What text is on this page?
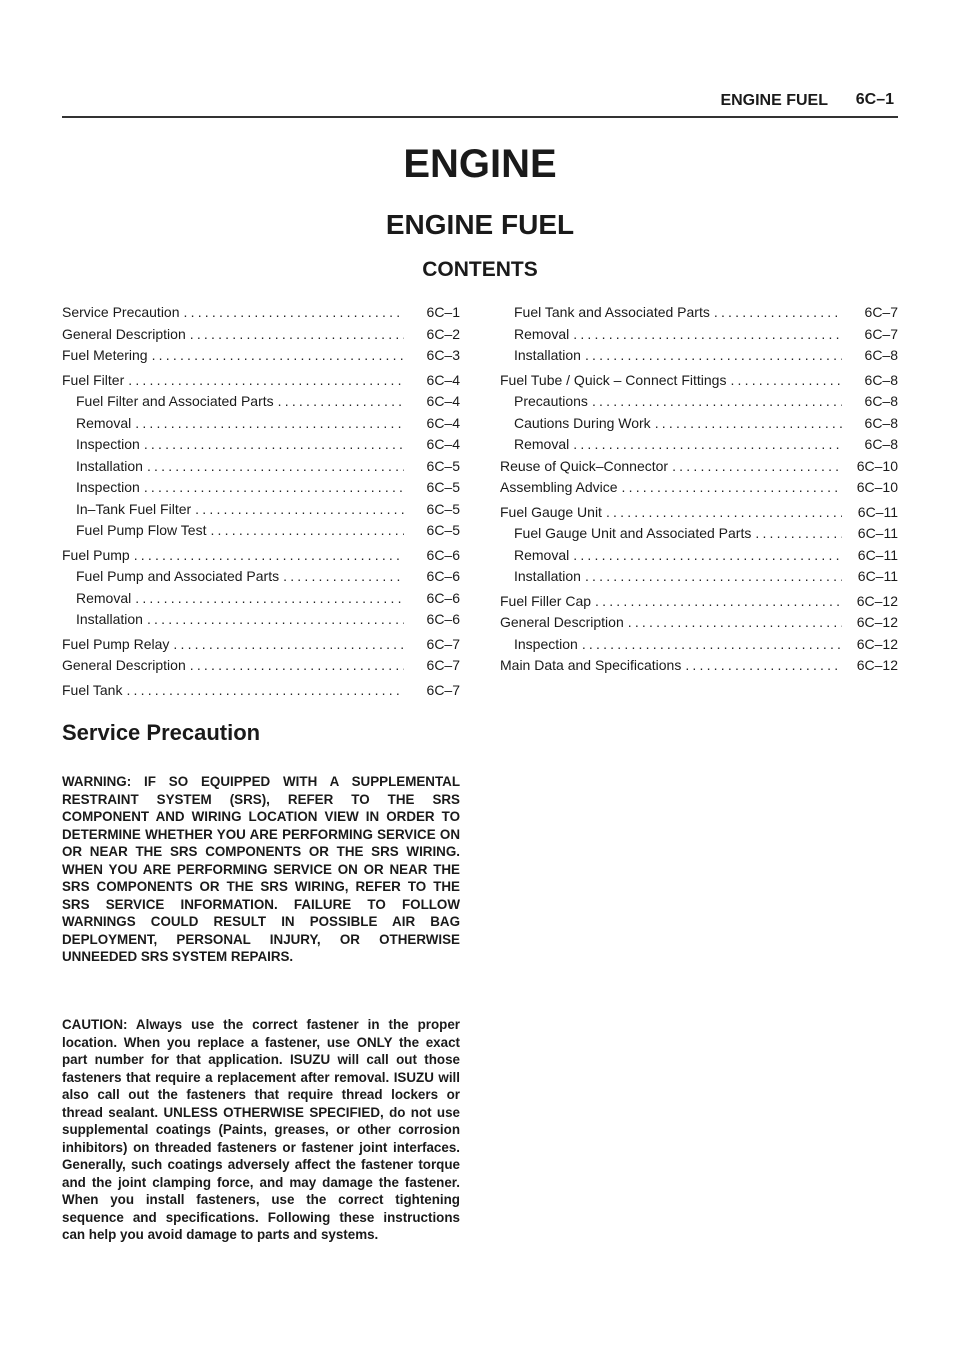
ENGINE FUEL 6C–1
ENGINE
ENGINE FUEL
CONTENTS
Service Precaution .....	6C–1
General Description .....	6C–2
Fuel Metering .....	6C–3
Fuel Filter .....	6C–4
Fuel Filter and Associated Parts .....	6C–4
Removal .....	6C–4
Inspection .....	6C–4
Installation .....	6C–5
Inspection .....	6C–5
In–Tank Fuel Filter .....	6C–5
Fuel Pump Flow Test .....	6C–5
Fuel Pump .....	6C–6
Fuel Pump and Associated Parts .....	6C–6
Removal .....	6C–6
Installation .....	6C–6
Fuel Pump Relay .....	6C–7
General Description .....	6C–7
Fuel Tank .....	6C–7
Fuel Tank and Associated Parts .....	6C–7
Removal .....	6C–7
Installation .....	6C–8
Fuel Tube / Quick – Connect Fittings .....	6C–8
Precautions .....	6C–8
Cautions During Work .....	6C–8
Removal .....	6C–8
Reuse of Quick–Connector .....	6C–10
Assembling Advice .....	6C–10
Fuel Gauge Unit .....	6C–11
Fuel Gauge Unit and Associated Parts .....	6C–11
Removal .....	6C–11
Installation .....	6C–11
Fuel Filler Cap .....	6C–12
General Description .....	6C–12
Inspection .....	6C–12
Main Data and Specifications .....	6C–12
Service Precaution

WARNING: IF SO EQUIPPED WITH A SUPPLEMENTAL RESTRAINT SYSTEM (SRS), REFER TO THE SRS COMPONENT AND WIRING LOCATION VIEW IN ORDER TO DETERMINE WHETHER YOU ARE PERFORMING SERVICE ON OR NEAR THE SRS COMPONENTS OR THE SRS WIRING. WHEN YOU ARE PERFORMING SERVICE ON OR NEAR THE SRS COMPONENTS OR THE SRS WIRING, REFER TO THE SRS SERVICE INFORMATION. FAILURE TO FOLLOW WARNINGS COULD RESULT IN POSSIBLE AIR BAG DEPLOYMENT, PERSONAL INJURY, OR OTHERWISE UNNEEDED SRS SYSTEM REPAIRS.

CAUTION: Always use the correct fastener in the proper location. When you replace a fastener, use ONLY the exact part number for that application. ISUZU will call out those fasteners that require a replacement after removal. ISUZU will also call out the fasteners that require thread lockers or thread sealant. UNLESS OTHERWISE SPECIFIED, do not use supplemental coatings (Paints, greases, or other corrosion inhibitors) on threaded fasteners or fastener joint interfaces. Generally, such coatings adversely affect the fastener torque and the joint clamping force, and may damage the fastener. When you install fasteners, use the correct tightening sequence and specifications. Following these instructions can help you avoid damage to parts and systems.
